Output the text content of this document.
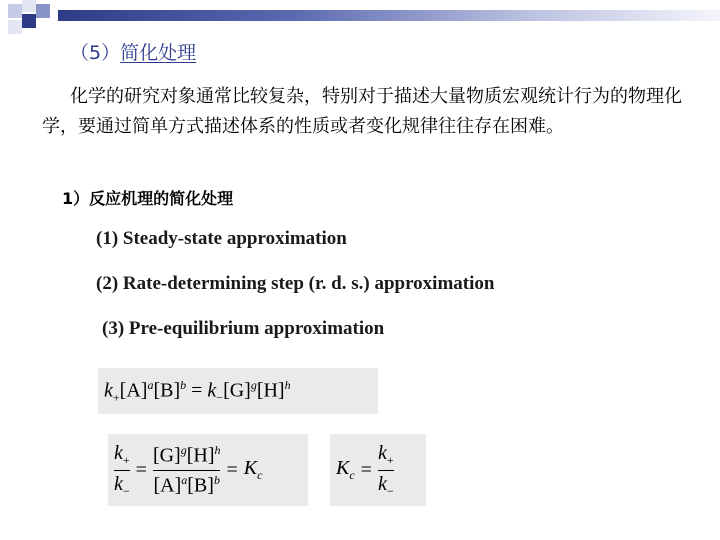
（5）简化处理
化学的研究对象通常比较复杂，特别对于描述大量物质宏观统计行为的物理化学，要通过简单方式描述体系的性质或者变化规律往往存在困难。
1）反应机理的简化处理
(1) Steady-state approximation
(2) Rate-determining step (r. d. s.) approximation
(3) Pre-equilibrium approximation
$k_+[A]^a[B]^b = k_-[G]^g[H]^h$
$\frac{k_+}{k_-} = \frac{[G]^g[H]^h}{[A]^a[B]^b} = K_c$	$K_c = \frac{k_+}{k_-}$
